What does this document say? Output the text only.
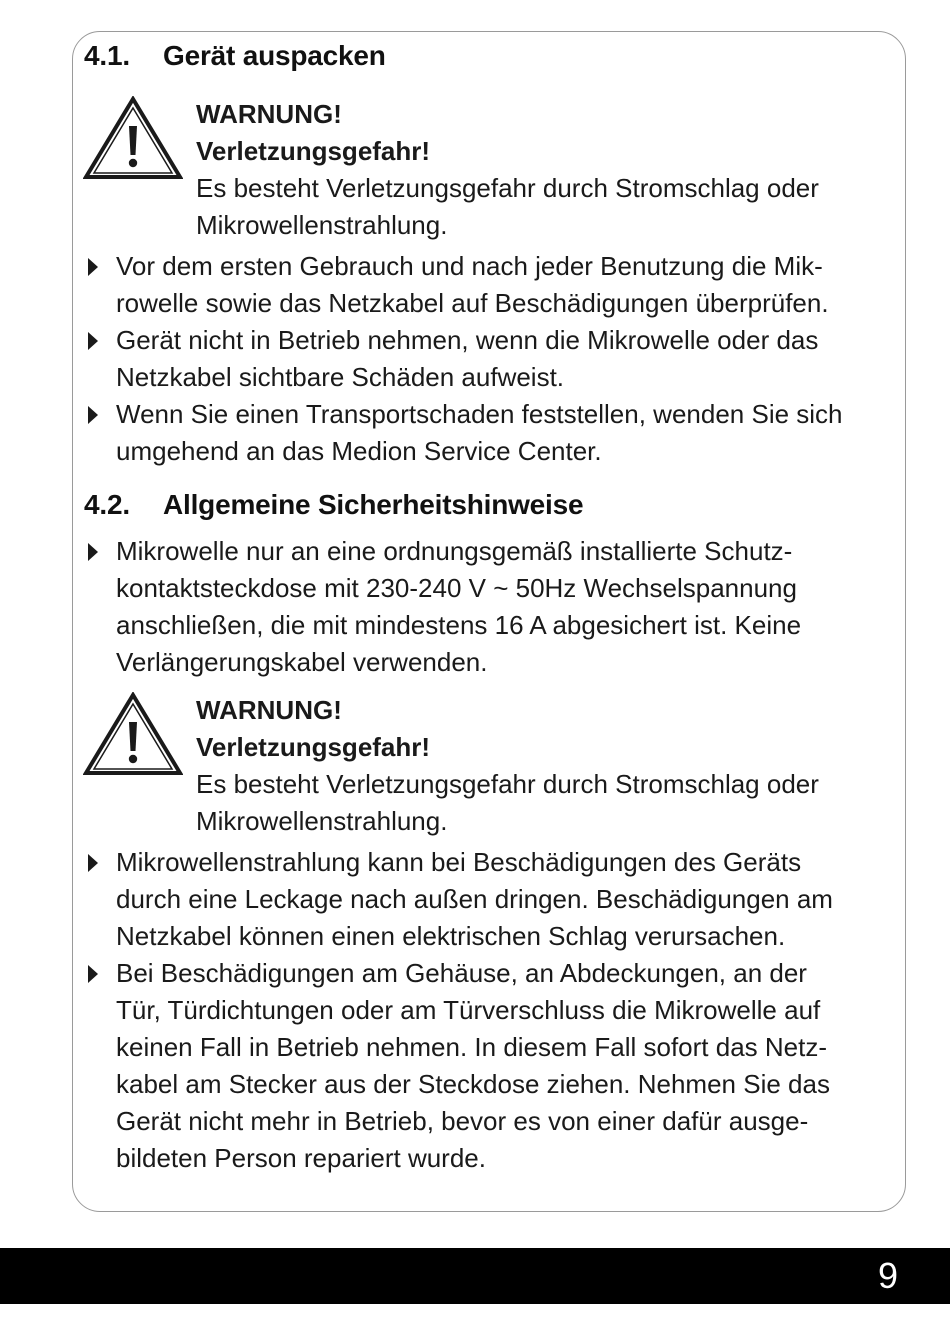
4.1. Gerät auspacken
WARNUNG!
Verletzungsgefahr!
Es besteht Verletzungsgefahr durch Stromschlag oder
Mikrowellenstrahlung.
Vor dem ersten Gebrauch und nach jeder Benutzung die Mik-
rowelle sowie das Netzkabel auf Beschädigungen überprüfen.
Gerät nicht in Betrieb nehmen, wenn die Mikrowelle oder das
Netzkabel sichtbare Schäden aufweist.
Wenn Sie einen Transportschaden feststellen, wenden Sie sich
umgehend an das Medion Service Center.
4.2. Allgemeine Sicherheitshinweise
Mikrowelle nur an eine ordnungsgemäß installierte Schutz-
kontaktsteckdose mit 230-240 V ~ 50Hz Wechselspannung
anschließen, die mit mindestens 16 A abgesichert ist. Keine
Verlängerungskabel verwenden.
WARNUNG!
Verletzungsgefahr!
Es besteht Verletzungsgefahr durch Stromschlag oder
Mikrowellenstrahlung.
Mikrowellenstrahlung kann bei Beschädigungen des Geräts
durch eine Leckage nach außen dringen. Beschädigungen am
Netzkabel können einen elektrischen Schlag verursachen.
Bei Beschädigungen am Gehäuse, an Abdeckungen, an der
Tür, Türdichtungen oder am Türverschluss die Mikrowelle auf
keinen Fall in Betrieb nehmen. In diesem Fall sofort das Netz-
kabel am Stecker aus der Steckdose ziehen. Nehmen Sie das
Gerät nicht mehr in Betrieb, bevor es von einer dafür ausge-
bildeten Person repariert wurde.
9
